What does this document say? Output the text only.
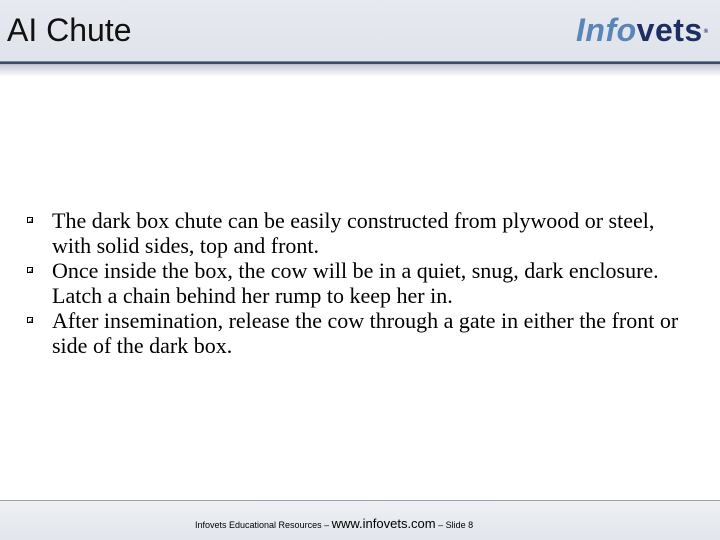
AI Chute	Infovets®
The dark box chute can be easily constructed from plywood or steel, with solid sides, top and front.
Once inside the box, the cow will be in a quiet, snug, dark enclosure. Latch a chain behind her rump to keep her in.
After insemination, release the cow through a gate in either the front or side of the dark box.
Infovets Educational Resources – www.infovets.com – Slide 8
